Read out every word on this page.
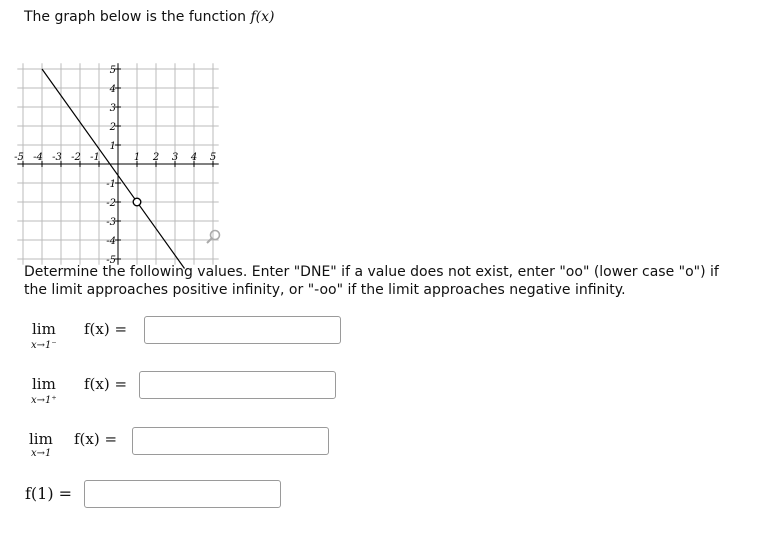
The graph below is the function f(x)
-5 -4 -3 -2 -1	1 2 3 4 5
5
4
3
2
1
-1
-2
-3
-4
-5
Determine the following values. Enter "DNE" if a value does not exist, enter "oo" (lower case "o") if the limit approaches positive infinity, or "-oo" if the limit approaches negative infinity.
lim
x→1⁻
f(x) =
lim
x→1⁺
f(x) =
lim
x→1
f(x) =
f(1) =
